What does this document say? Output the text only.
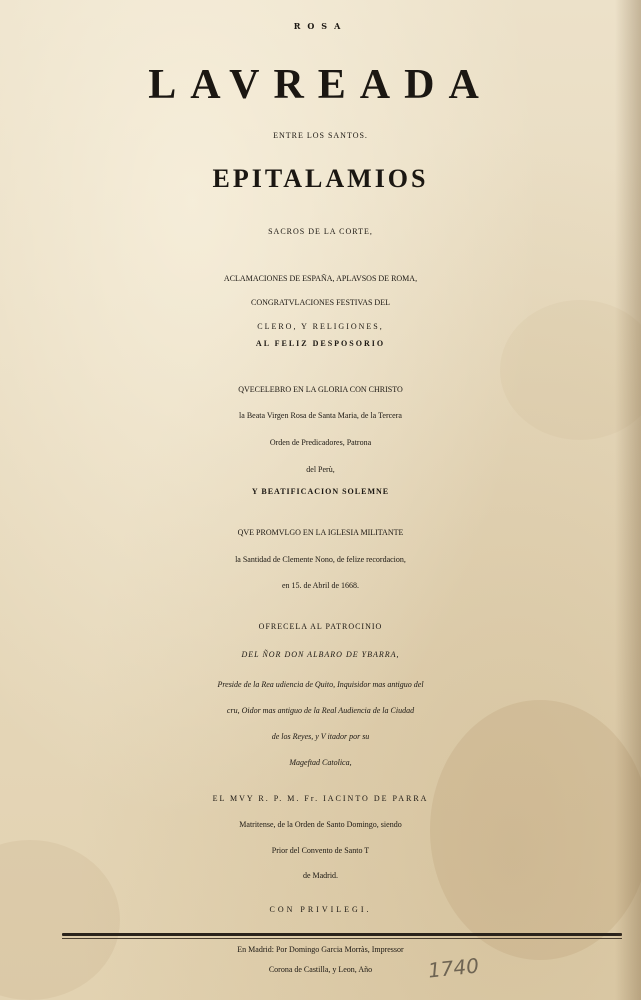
ROSA
LAVREADA
ENTRE LOS SANTOS.
EPITALAMIOS
SACROS DE LA CORTE,
ACLAMACIONES DE ESPAÑA, APLAVSOS DE ROMA,
CONGRATVLACIONES FESTIVAS DEL
CLERO, Y RELIGIONES,
AL FELIZ DESPOSORIO
QVECELEBRO EN LA GLORIA CON CHRISTO
la Beata Virgen Rosa de Santa Maria, de la Tercera
Orden de Predicadores, Patrona
del Perù,
Y BEATIFICACION SOLEMNE
QVE PROMVLGO EN LA IGLESIA MILITANTE
la Santidad de Clemente Nono, de felize recordacion,
en 15. de Abril de 1668.
OFRECELA AL PATROCINIO
DEL ÑOR DON ALBARO DE YBARRA,
Preside de la Rea udiencia de Quito, Inquisidor mas antiguo del
cru, Oidor mas antiguo de la Real Audiencia de la Ciudad
de los Reyes, y V itador por su
Mageftad Catolica,
EL MVY R. P. M. Fr. IACINTO DE PARRA
Matritense, de la Orden de Santo Domingo, siendo
Prior del Convento de Santo T
de Madrid.
CON PRIVILEGI.
En Madrid: Por Domingo Garcia Morràs, Impressor
Corona de Castilla, y Leon, Año	1740
